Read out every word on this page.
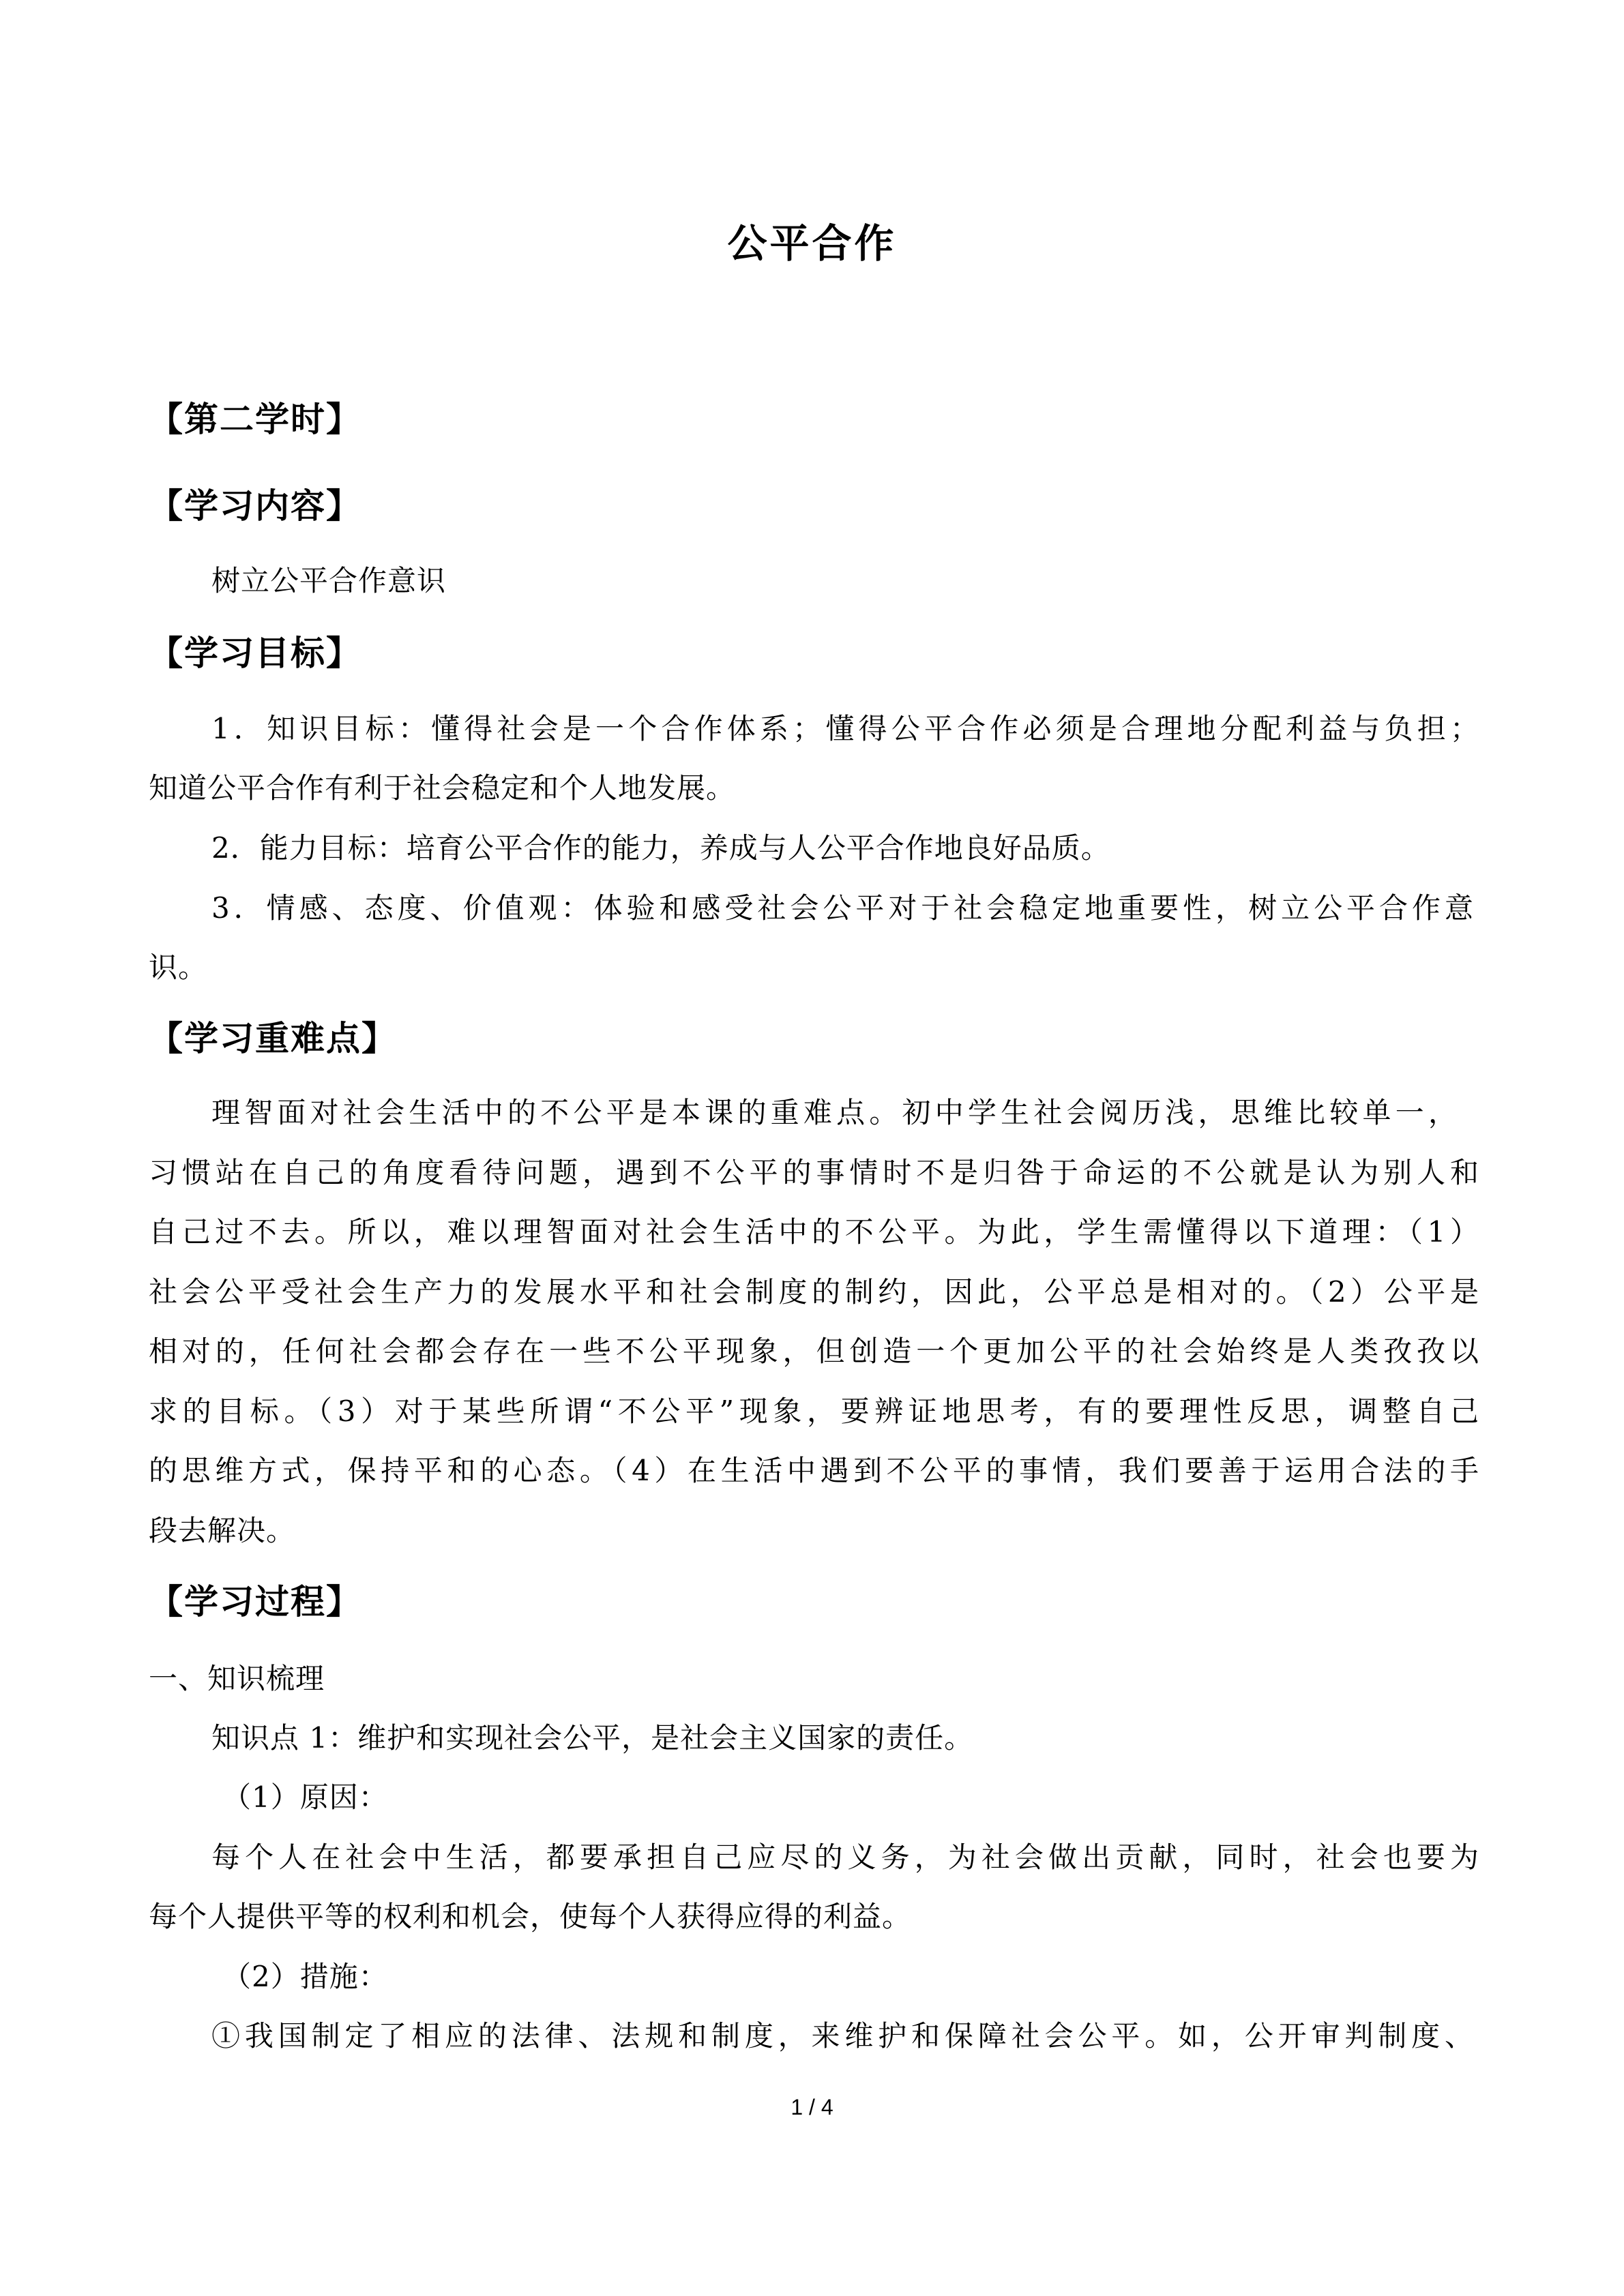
公平合作
【第二学时】
【学习内容】
树立公平合作意识
【学习目标】
1．知识目标：懂得社会是一个合作体系；懂得公平合作必须是合理地分配利益与负担；
知道公平合作有利于社会稳定和个人地发展。
2．能力目标：培育公平合作的能力，养成与人公平合作地良好品质。
3．情感、态度、价值观：体验和感受社会公平对于社会稳定地重要性，树立公平合作意
识。
【学习重难点】
理智面对社会生活中的不公平是本课的重难点。初中学生社会阅历浅，思维比较单一，
习惯站在自己的角度看待问题，遇到不公平的事情时不是归咎于命运的不公就是认为别人和
自己过不去。所以，难以理智面对社会生活中的不公平。为此，学生需懂得以下道理：（1）
社会公平受社会生产力的发展水平和社会制度的制约，因此，公平总是相对的。（2）公平是
相对的，任何社会都会存在一些不公平现象，但创造一个更加公平的社会始终是人类孜孜以
求的目标。（3）对于某些所谓“不公平”现象，要辨证地思考，有的要理性反思，调整自己
的思维方式，保持平和的心态。（4）在生活中遇到不公平的事情，我们要善于运用合法的手
段去解决。
【学习过程】
一、知识梳理
知识点 1：维护和实现社会公平，是社会主义国家的责任。
（1）原因：
每个人在社会中生活，都要承担自己应尽的义务，为社会做出贡献，同时，社会也要为
每个人提供平等的权利和机会，使每个人获得应得的利益。
（2）措施：
①我国制定了相应的法律、法规和制度，来维护和保障社会公平。如，公开审判制度、
1 / 4
